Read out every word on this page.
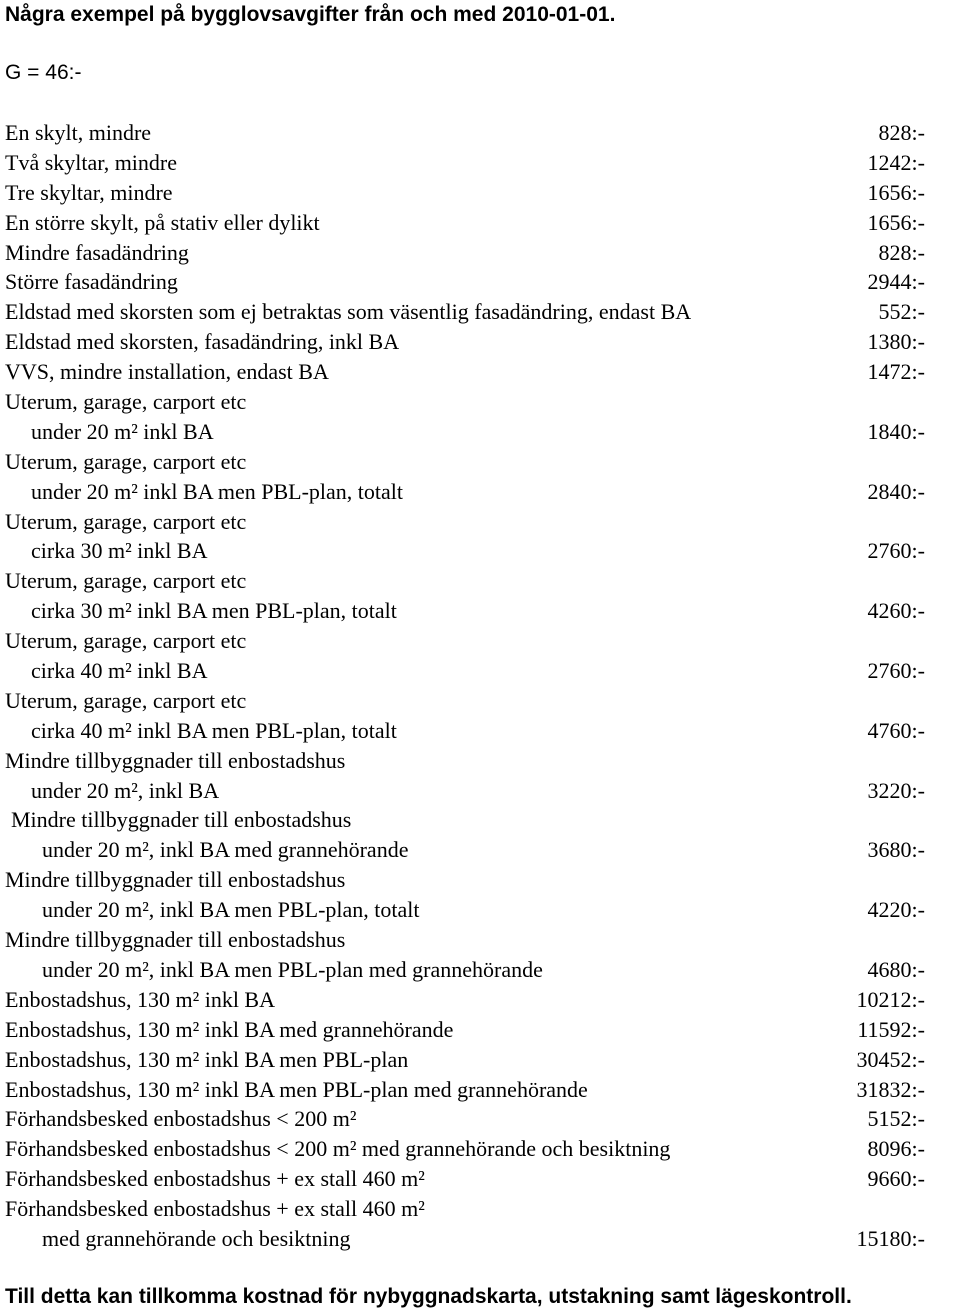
Några exempel på bygglovsavgifter från och med 2010-01-01.
G = 46:-
En skylt, mindre	828:-
Två skyltar, mindre	1242:-
Tre skyltar, mindre	1656:-
En större skylt, på stativ eller dylikt	1656:-
Mindre fasadändring	828:-
Större fasadändring	2944:-
Eldstad med skorsten som ej betraktas som väsentlig fasadändring, endast BA	552:-
Eldstad med skorsten, fasadändring, inkl BA	1380:-
VVS, mindre installation, endast BA	1472:-
Uterum, garage, carport etc
under 20 m² inkl BA	1840:-
Uterum, garage, carport etc
under 20 m² inkl BA men PBL-plan, totalt	2840:-
Uterum, garage, carport etc
cirka 30 m² inkl BA	2760:-
Uterum, garage, carport etc
cirka 30 m² inkl BA men PBL-plan, totalt	4260:-
Uterum, garage, carport etc
cirka 40 m² inkl BA	2760:-
Uterum, garage, carport etc
cirka 40 m² inkl BA men PBL-plan, totalt	4760:-
Mindre tillbyggnader till enbostadshus
under 20 m², inkl BA	3220:-
Mindre tillbyggnader till enbostadshus
under 20 m², inkl BA med grannehörande	3680:-
Mindre tillbyggnader till enbostadshus
under 20 m², inkl BA men PBL-plan, totalt	4220:-
Mindre tillbyggnader till enbostadshus
under 20 m², inkl BA men PBL-plan med grannehörande	4680:-
Enbostadshus, 130 m² inkl BA	10212:-
Enbostadshus, 130 m² inkl BA med grannehörande	11592:-
Enbostadshus, 130 m² inkl BA men PBL-plan	30452:-
Enbostadshus, 130 m² inkl BA men PBL-plan med grannehörande	31832:-
Förhandsbesked enbostadshus < 200 m²	5152:-
Förhandsbesked enbostadshus < 200 m² med grannehörande och besiktning	8096:-
Förhandsbesked enbostadshus + ex stall 460 m²	9660:-
Förhandsbesked enbostadshus + ex stall 460 m²
med grannehörande och besiktning	15180:-
Till detta kan tillkomma kostnad för nybyggnadskarta, utstakning samt lägeskontroll.
